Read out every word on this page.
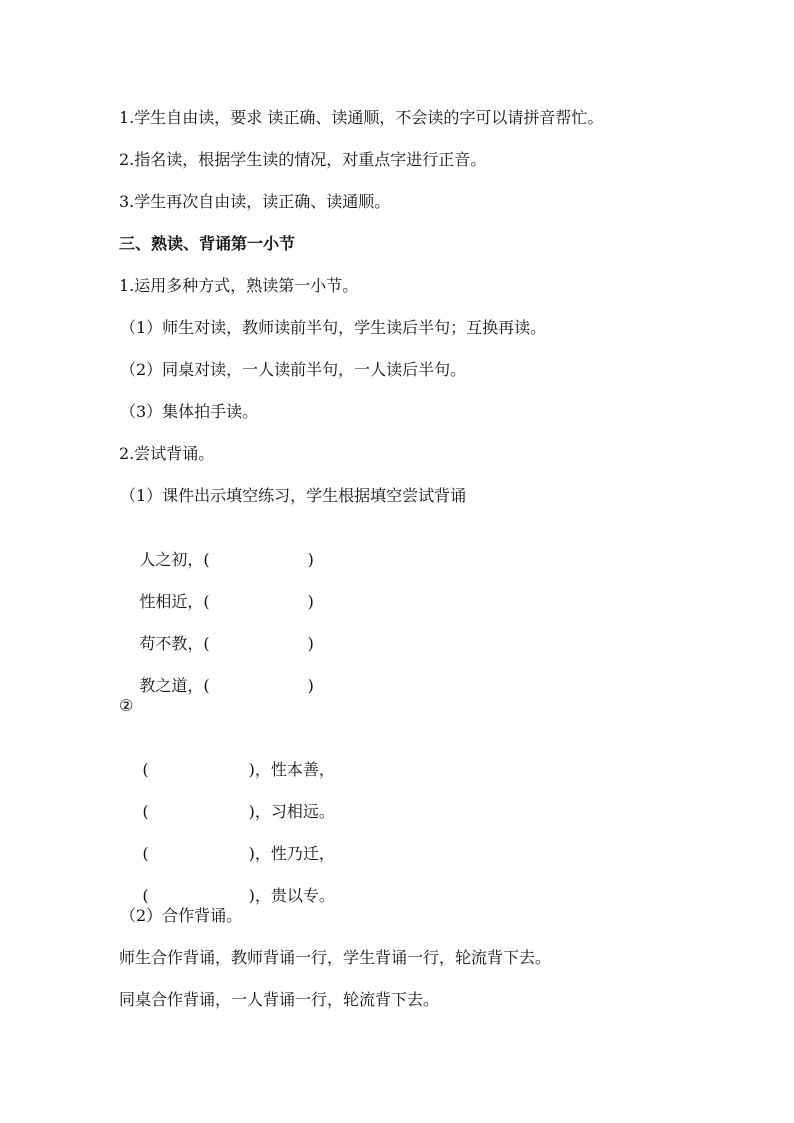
1.学生自由读，要求 读正确、读通顺，不会读的字可以请拼音帮忙。
2.指名读，根据学生读的情况，对重点字进行正音。
3.学生再次自由读，读正确、读通顺。
三、熟读、背诵第一小节
1.运用多种方式，熟读第一小节。
（1）师生对读，教师读前半句，学生读后半句；互换再读。
（2）同桌对读，一人读前半句，一人读后半句。
（3）集体拍手读。
2.尝试背诵。
（1）课件出示填空练习，学生根据填空尝试背诵

人之初，(	)

性相近，(	)

苟不教，(	)

教之道，(	)

②

(	)，性本善，

(	)，习相远。

(	)，性乃迁，

(	)，贵以专。

（2）合作背诵。
师生合作背诵，教师背诵一行，学生背诵一行，轮流背下去。
同桌合作背诵，一人背诵一行，轮流背下去。
